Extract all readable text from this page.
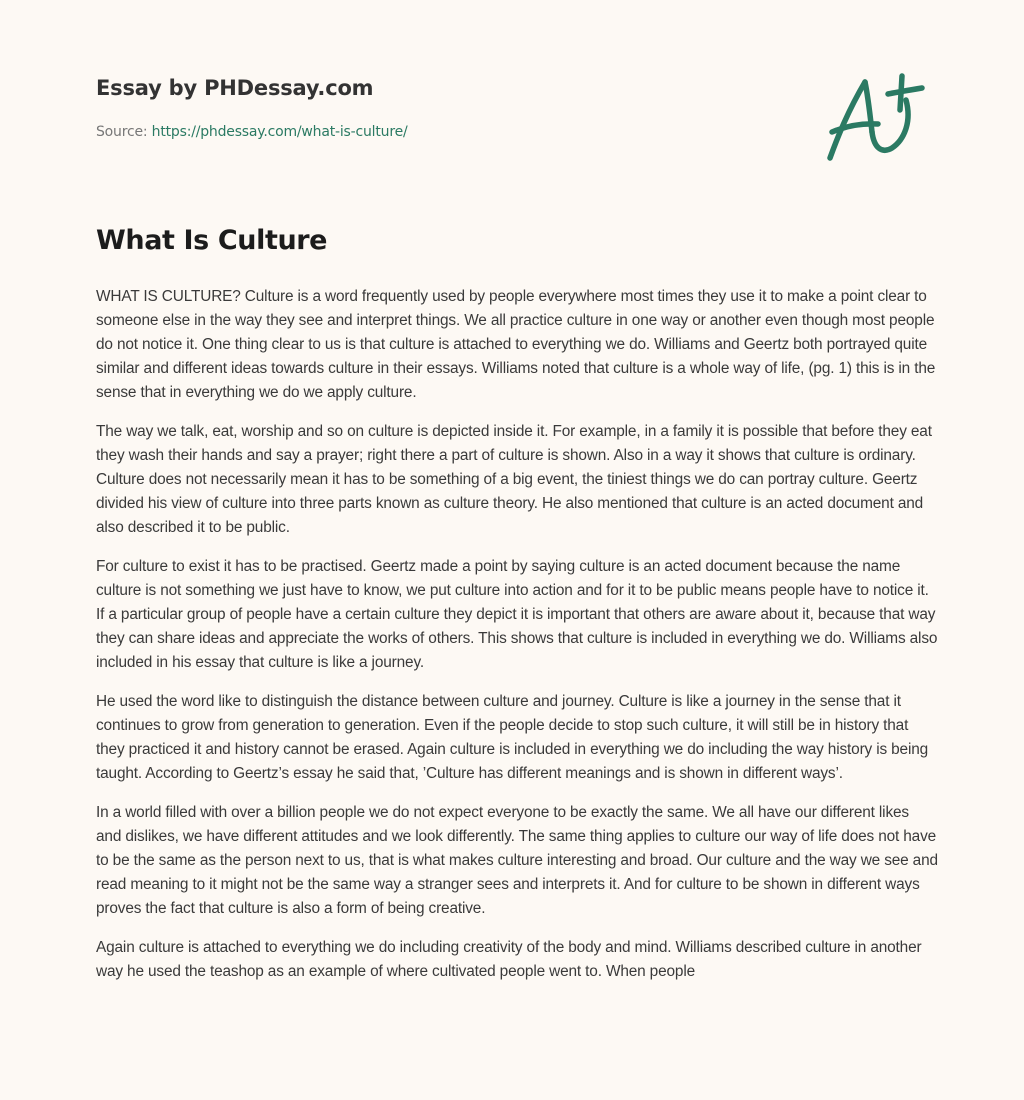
Essay by PHDessay.com
Source: https://phdessay.com/what-is-culture/
What Is Culture

WHAT IS CULTURE? Culture is a word frequently used by people everywhere most times they use it to make a point clear to someone else in the way they see and interpret things. We all practice culture in one way or another even though most people do not notice it. One thing clear to us is that culture is attached to everything we do. Williams and Geertz both portrayed quite similar and different ideas towards culture in their essays. Williams noted that culture is a whole way of life, (pg. 1) this is in the sense that in everything we do we apply culture.

The way we talk, eat, worship and so on culture is depicted inside it. For example, in a family it is possible that before they eat they wash their hands and say a prayer; right there a part of culture is shown. Also in a way it shows that culture is ordinary. Culture does not necessarily mean it has to be something of a big event, the tiniest things we do can portray culture. Geertz divided his view of culture into three parts known as culture theory. He also mentioned that culture is an acted document and also described it to be public.

For culture to exist it has to be practised. Geertz made a point by saying culture is an acted document because the name culture is not something we just have to know, we put culture into action and for it to be public means people have to notice it. If a particular group of people have a certain culture they depict it is important that others are aware about it, because that way they can share ideas and appreciate the works of others. This shows that culture is included in everything we do. Williams also included in his essay that culture is like a journey.

He used the word like to distinguish the distance between culture and journey. Culture is like a journey in the sense that it continues to grow from generation to generation. Even if the people decide to stop such culture, it will still be in history that they practiced it and history cannot be erased. Again culture is included in everything we do including the way history is being taught. According to Geertz’s essay he said that, ’Culture has different meanings and is shown in different ways’.

In a world filled with over a billion people we do not expect everyone to be exactly the same. We all have our different likes and dislikes, we have different attitudes and we look differently. The same thing applies to culture our way of life does not have to be the same as the person next to us, that is what makes culture interesting and broad. Our culture and the way we see and read meaning to it might not be the same way a stranger sees and interprets it. And for culture to be shown in different ways proves the fact that culture is also a form of being creative.

Again culture is attached to everything we do including creativity of the body and mind. Williams described culture in another way he used the teashop as an example of where cultivated people went to. When people
